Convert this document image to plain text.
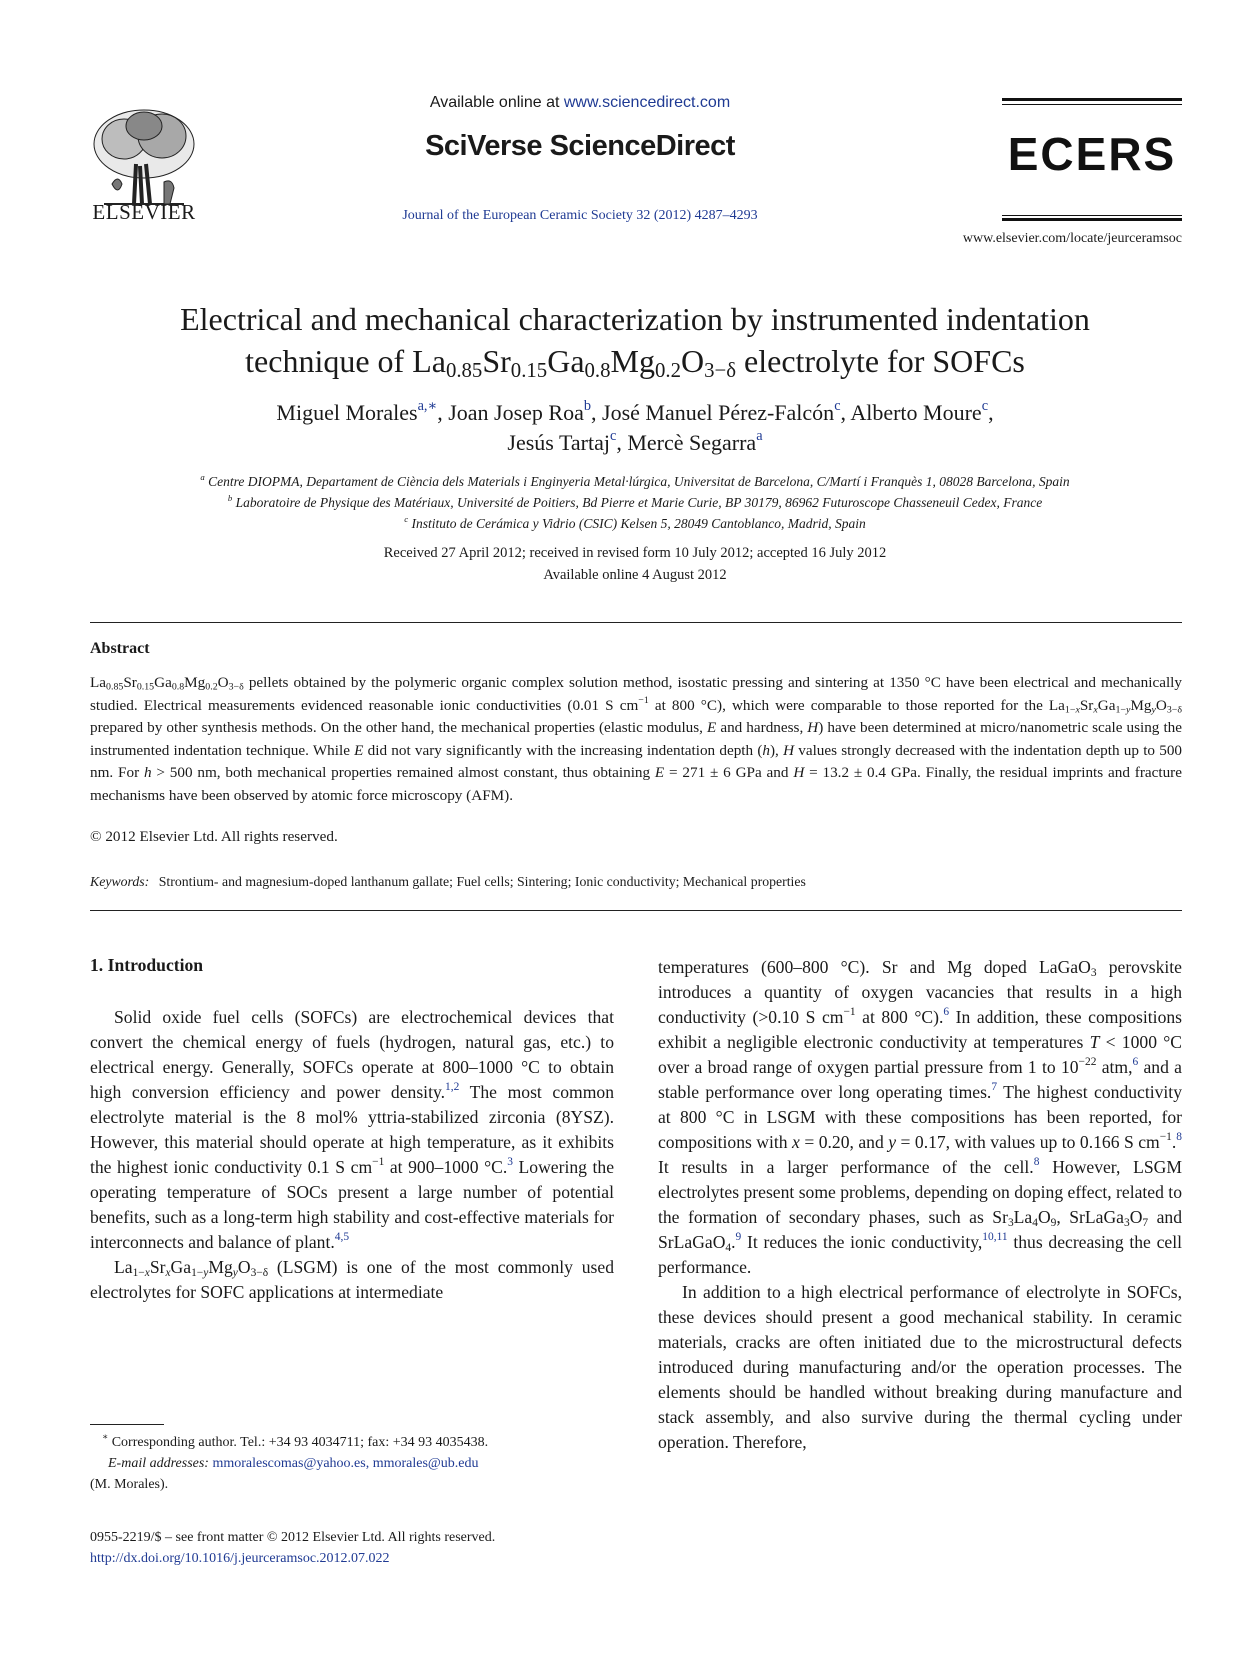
ELSEVIER
Available online at www.sciencedirect.com
SciVerse ScienceDirect
Journal of the European Ceramic Society 32 (2012) 4287–4293
ECERS
www.elsevier.com/locate/jeurceramsoc
Electrical and mechanical characterization by instrumented indentation
technique of $La_{0.85}Sr_{0.15}Ga_{0.8}Mg_{0.2}O_{3-\delta}$ electrolyte for SOFCs
Miguel Morales$^{a,∗}$, Joan Josep Roa$^b$, José Manuel Pérez-Falcón$^c$, Alberto Moure$^c$,
Jesús Tartaj$^c$, Mercè Segarra$^a$
$^a$ Centre DIOPMA, Departament de Ciència dels Materials i Enginyeria Metal·lúrgica, Universitat de Barcelona, C/Martí i Franquès 1, 08028 Barcelona, Spain
$^b$ Laboratoire de Physique des Matériaux, Université de Poitiers, Bd Pierre et Marie Curie, BP 30179, 86962 Futuroscope Chasseneuil Cedex, France
$^c$ Instituto de Cerámica y Vidrio (CSIC) Kelsen 5, 28049 Cantoblanco, Madrid, Spain
Received 27 April 2012; received in revised form 10 July 2012; accepted 16 July 2012
Available online 4 August 2012
Abstract
$La_{0.85}Sr_{0.15}Ga_{0.8}Mg_{0.2}O_{3-\delta}$ pellets obtained by the polymeric organic complex solution method, isostatic pressing and sintering at 1350 °C have been electrical and mechanically studied. Electrical measurements evidenced reasonable ionic conductivities (0.01 S $cm^{-1}$ at 800 °C), which were comparable to those reported for the $La_{1-x}Sr_xGa_{1-y}Mg_yO_{3-\delta}$ prepared by other synthesis methods. On the other hand, the mechanical properties (elastic modulus, E and hardness, H) have been determined at micro/nanometric scale using the instrumented indentation technique. While E did not vary significantly with the increasing indentation depth (h), H values strongly decreased with the indentation depth up to 500 nm. For h > 500 nm, both mechanical properties remained almost constant, thus obtaining E = 271 ± 6 GPa and H = 13.2 ± 0.4 GPa. Finally, the residual imprints and fracture mechanisms have been observed by atomic force microscopy (AFM).
© 2012 Elsevier Ltd. All rights reserved.
Keywords: Strontium- and magnesium-doped lanthanum gallate; Fuel cells; Sintering; Ionic conductivity; Mechanical properties
1. Introduction

Solid oxide fuel cells (SOFCs) are electrochemical devices that convert the chemical energy of fuels (hydrogen, natural gas, etc.) to electrical energy. Generally, SOFCs operate at 800–1000 °C to obtain high conversion efficiency and power density.$^{1,2}$ The most common electrolyte material is the 8 mol% yttria-stabilized zirconia (8YSZ). However, this material should operate at high temperature, as it exhibits the highest ionic conductivity 0.1 S $cm^{-1}$ at 900–1000 °C.$^3$ Lowering the operating temperature of SOCs present a large number of potential benefits, such as a long-term high stability and cost-effective materials for interconnects and balance of plant.$^{4,5}$

$La_{1-x}Sr_xGa_{1-y}Mg_yO_{3-\delta}$ (LSGM) is one of the most commonly used electrolytes for SOFC applications at intermediate

temperatures (600–800 °C). Sr and Mg doped LaGaO$_3$ perovskite introduces a quantity of oxygen vacancies that results in a high conductivity (>0.10 S $cm^{-1}$ at 800 °C).$^6$ In addition, these compositions exhibit a negligible electronic conductivity at temperatures T < 1000 °C over a broad range of oxygen partial pressure from 1 to $10^{-22}$ atm,$^6$ and a stable performance over long operating times.$^7$ The highest conductivity at 800 °C in LSGM with these compositions has been reported, for compositions with x = 0.20, and y = 0.17, with values up to 0.166 S $cm^{-1}.^8$ It results in a larger performance of the cell.$^8$ However, LSGM electrolytes present some problems, depending on doping effect, related to the formation of secondary phases, such as $Sr_3La_4O_9$, $SrLaGa_3O_7$ and SrLaGaO$_4$.$^9$ It reduces the ionic conductivity,$^{10,11}$ thus decreasing the cell performance.

In addition to a high electrical performance of electrolyte in SOFCs, these devices should present a good mechanical stability. In ceramic materials, cracks are often initiated due to the microstructural defects introduced during manufacturing and/or the operation processes. The elements should be handled without breaking during manufacture and stack assembly, and also survive during the thermal cycling under operation. Therefore,

∗ Corresponding author. Tel.: +34 93 4034711; fax: +34 93 4035438.
E-mail addresses: mmoralescomas@yahoo.es, mmorales@ub.edu
(M. Morales).
0955-2219/$ – see front matter © 2012 Elsevier Ltd. All rights reserved.
http://dx.doi.org/10.1016/j.jeurceramsoc.2012.07.022
